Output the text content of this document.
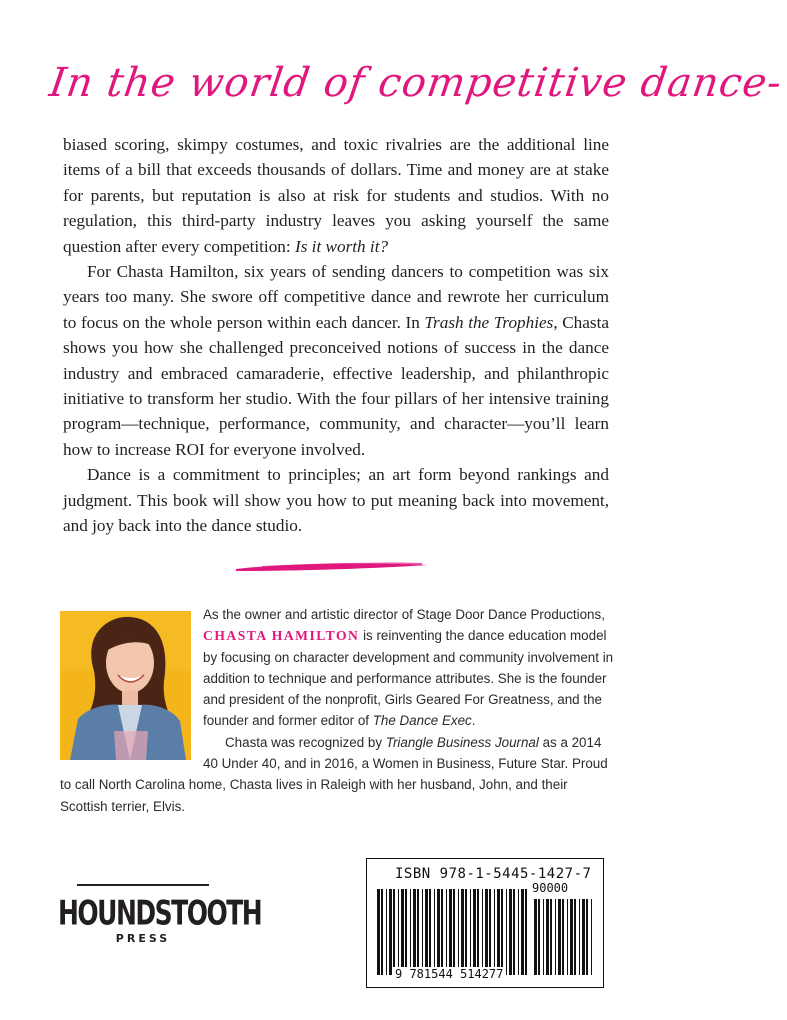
In the world of competitive dance-

biased scoring, skimpy costumes, and toxic rivalries are the additional line items of a bill that exceeds thousands of dollars. Time and money are at stake for parents, but reputation is also at risk for students and studios. With no regulation, this third-party industry leaves you asking yourself the same question after every competition: Is it worth it?

For Chasta Hamilton, six years of sending dancers to competition was six years too many. She swore off competitive dance and rewrote her curriculum to focus on the whole person within each dancer. In Trash the Trophies, Chasta shows you how she challenged preconceived notions of success in the dance industry and embraced camaraderie, effective leadership, and philanthropic initiative to transform her studio. With the four pillars of her intensive training program—technique, performance, community, and character—you’ll learn how to increase ROI for everyone involved.

Dance is a commitment to principles; an art form beyond rankings and judgment. This book will show you how to put meaning back into movement, and joy back into the dance studio.

As the owner and artistic director of Stage Door Dance Productions, CHASTA HAMILTON is reinventing the dance education model by focusing on character development and community involvement in addition to technique and performance attributes. She is the founder and president of the nonprofit, Girls Geared For Greatness, and the founder and former editor of The Dance Exec.

Chasta was recognized by Triangle Business Journal as a 2014 40 Under 40, and in 2016, a Women in Business, Future Star. Proud to call North Carolina home, Chasta lives in Raleigh with her husband, John, and their Scottish terrier, Elvis.

HOUNDSTOOTH
PRESS
ISBN 978-1-5445-1427-7
90000
9 781544 514277
